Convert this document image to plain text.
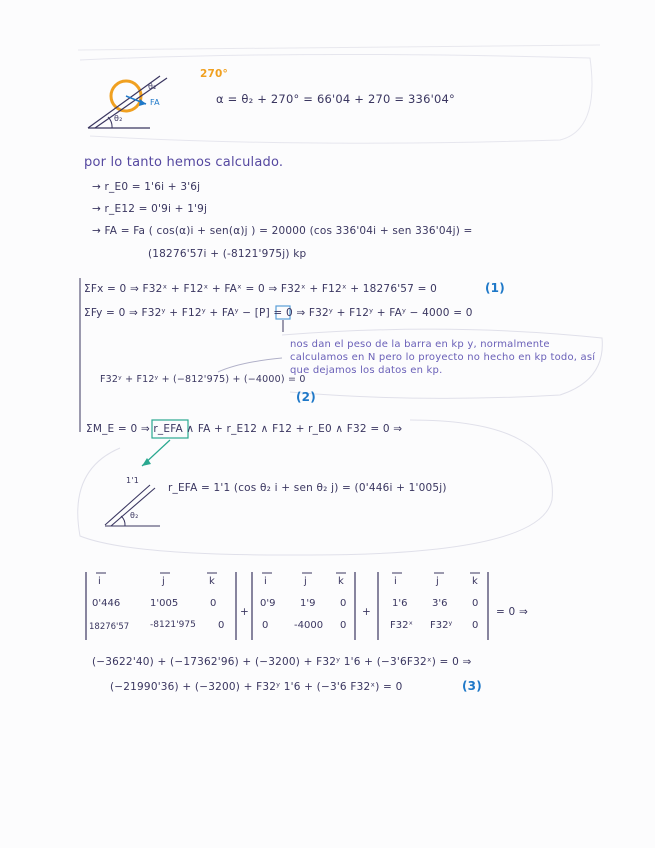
270°
α = θ₂ + 270° = 66'04 + 270 = 336'04°
θ₂
FA
θ₂
por lo tanto hemos calculado.
→ r_E0 = 1'6i + 3'6j
→ r_E12 = 0'9i + 1'9j
→ FA = Fa ( cos(α)i + sen(α)j ) = 20000 (cos 336'04i + sen 336'04j) =
(18276'57i + (-8121'975j) kp
ΣFx = 0 ⇒ F32ˣ + F12ˣ + FAˣ = 0 ⇒ F32ˣ + F12ˣ + 18276'57 = 0	(1)
ΣFy = 0 ⇒ F32ʸ + F12ʸ + FAʸ − [P] = 0 ⇒ F32ʸ + F12ʸ + FAʸ − 4000 = 0
nos dan el peso de la barra en kp y, normalmente calculamos en N pero lo proyecto no hecho en kp todo, así que dejamos los datos en kp.
F32ʸ + F12ʸ + (−812'975) + (−4000) = 0
(2)
ΣM_E = 0 ⇒ r_EFA ∧ FA + r_E12 ∧ F12 + r_E0 ∧ F32 = 0 ⇒
r_EFA = 1'1 (cos θ₂ i + sen θ₂ j) = (0'446i + 1'005j)
1'1
θ₂
i	j	k
0'446	1'005	0
18276'57 -8121'975 0
+
i	j	k
0'9 1'9 0
0	-4000 0
+
i	j	k
1'6 3'6 0
F32ˣ F32ʸ 0
= 0 ⇒
(−3622'40) + (−17362'96) + (−3200) + F32ʸ 1'6 + (−3'6F32ˣ) = 0 ⇒
(−21990'36) + (−3200) + F32ʸ 1'6 + (−3'6 F32ˣ) = 0	(3)
